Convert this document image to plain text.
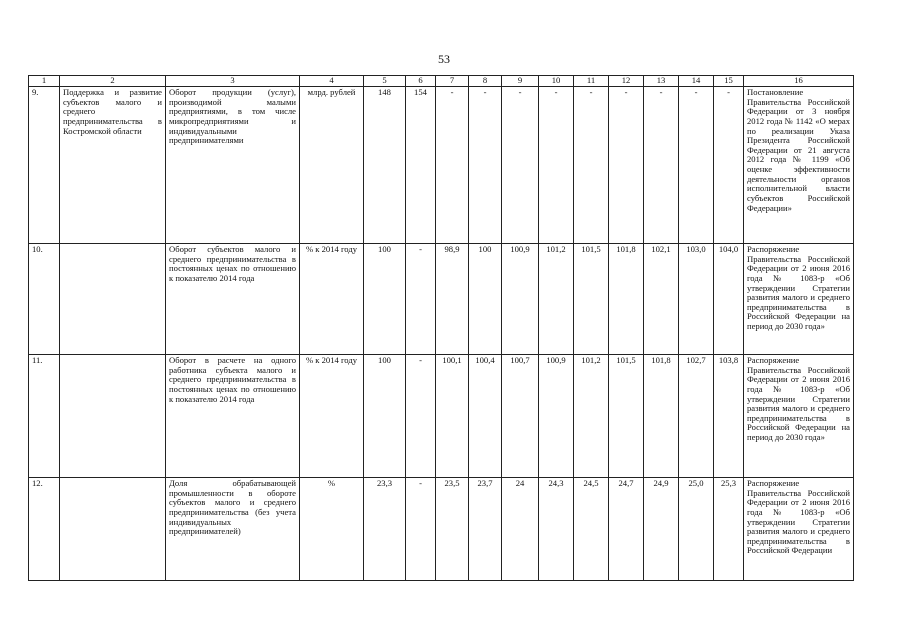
53
1	2	3	4	5	6	7	8	9	10	11	12	13	14	15	16
9.	Поддержка и развитие субъектов малого и среднего предпринимательства в Костромской области	Оборот продукции (услуг), производимой малыми предприятиями, в том числе микропредприятиями и индивидуальными предпринимателями	млрд. рублей	148	154	-	-	-	-	-	-	-	-	-	Постановление Правительства Российской Федерации от 3 ноября 2012 года № 1142 «О мерах по реализации Указа Президента Российской Федерации от 21 августа 2012 года № 1199 «Об оценке эффективности деятельности органов исполнительной власти субъектов Российской Федерации»
10.		Оборот субъектов малого и среднего предпринимательства в постоянных ценах по отношению к показателю 2014 года	% к 2014 году	100	-	98,9	100	100,9	101,2	101,5	101,8	102,1	103,0	104,0	Распоряжение Правительства Российской Федерации от 2 июня 2016 года № 1083-р «Об утверждении Стратегии развития малого и среднего предпринимательства в Российской Федерации на период до 2030 года»
11.		Оборот в расчете на одного работника субъекта малого и среднего предпринимательства в постоянных ценах по отношению к показателю 2014 года	% к 2014 году	100	-	100,1	100,4	100,7	100,9	101,2	101,5	101,8	102,7	103,8	Распоряжение Правительства Российской Федерации от 2 июня 2016 года № 1083-р «Об утверждении Стратегии развития малого и среднего предпринимательства в Российской Федерации на период до 2030 года»
12.		Доля обрабатывающей промышленности в обороте субъектов малого и среднего предпринимательства (без учета индивидуальных предпринимателей)	%	23,3	-	23,5	23,7	24	24,3	24,5	24,7	24,9	25,0	25,3	Распоряжение Правительства Российской Федерации от 2 июня 2016 года № 1083-р «Об утверждении Стратегии развития малого и среднего предпринимательства в Российской Федерации
